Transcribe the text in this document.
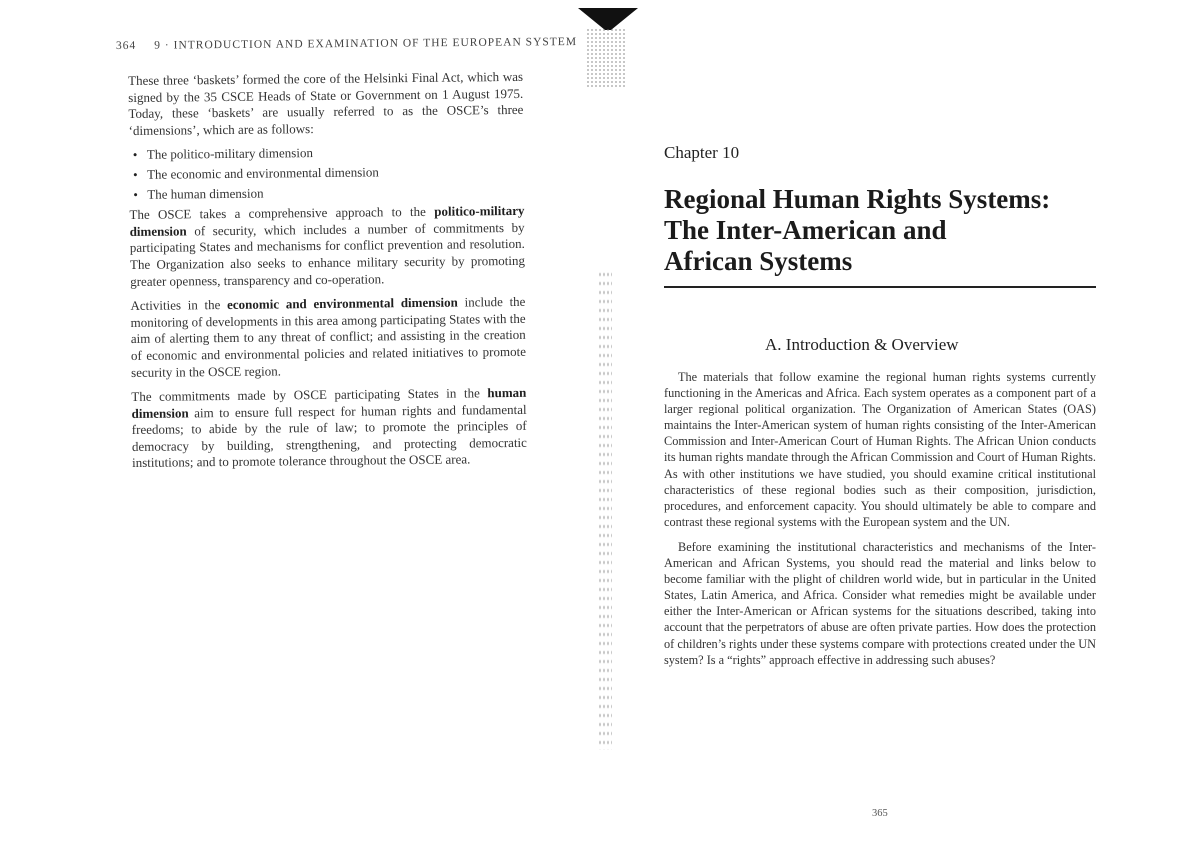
364 9 · INTRODUCTION AND EXAMINATION OF THE EUROPEAN SYSTEM

These three ‘baskets’ formed the core of the Helsinki Final Act, which was signed by the 35 CSCE Heads of State or Government on 1 August 1975. Today, these ‘baskets’ are usually referred to as the OSCE’s three ‘dimensions’, which are as follows:

• The politico-military dimension
• The economic and environmental dimension
• The human dimension

The OSCE takes a comprehensive approach to the politico-military dimension of security, which includes a number of commitments by participating States and mechanisms for conflict prevention and resolution. The Organization also seeks to enhance military security by promoting greater openness, transparency and co-operation.

Activities in the economic and environmental dimension include the monitoring of developments in this area among participating States with the aim of alerting them to any threat of conflict; and assisting in the creation of economic and environmental policies and related initiatives to promote security in the OSCE region.

The commitments made by OSCE participating States in the human dimension aim to ensure full respect for human rights and fundamental freedoms; to abide by the rule of law; to promote the principles of democracy by building, strengthening, and protecting democratic institutions; and to promote tolerance throughout the OSCE area.

Chapter 10
Regional Human Rights Systems:
The Inter-American and
African Systems
A. Introduction & Overview

The materials that follow examine the regional human rights systems currently functioning in the Americas and Africa. Each system operates as a component part of a larger regional political organization. The Organization of American States (OAS) maintains the Inter-American system of human rights consisting of the Inter-American Commission and Inter-American Court of Human Rights. The African Union conducts its human rights mandate through the African Commission and Court of Human Rights. As with other institutions we have studied, you should examine critical institutional characteristics of these regional bodies such as their composition, jurisdiction, procedures, and enforcement capacity. You should ultimately be able to compare and contrast these regional systems with the European system and the UN.

Before examining the institutional characteristics and mechanisms of the Inter-American and African Systems, you should read the material and links below to become familiar with the plight of children world wide, but in particular in the United States, Latin America, and Africa. Consider what remedies might be available under either the Inter-American or African systems for the situations described, taking into account that the perpetrators of abuse are often private parties. How does the protection of children’s rights under these systems compare with protections created under the UN system? Is a “rights” approach effective in addressing such abuses?

365
